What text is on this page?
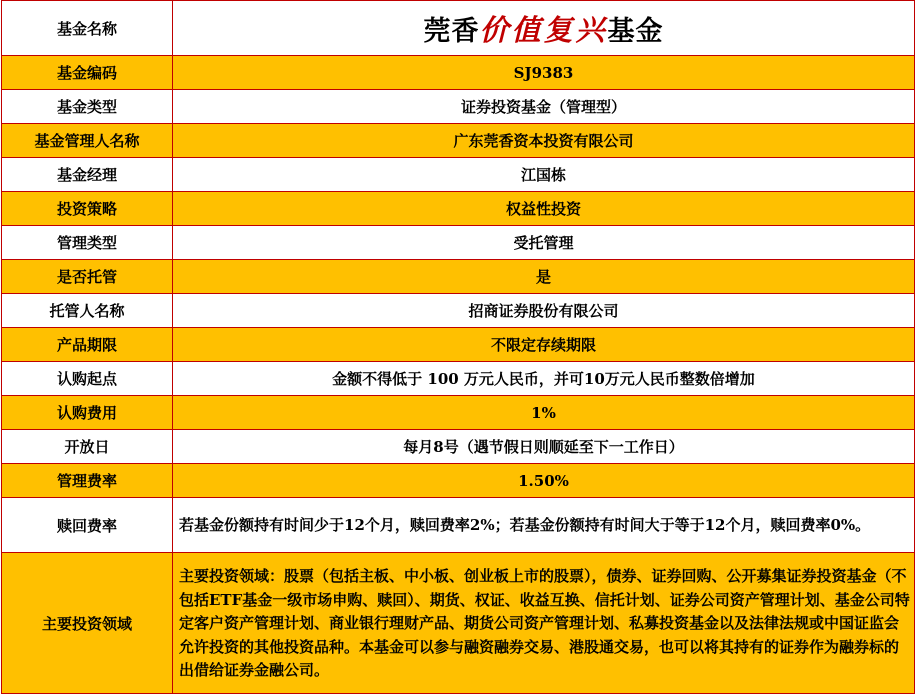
基金名称	莞香价值复兴基金
基金编码	SJ9383
基金类型	证券投资基金（管理型）
基金管理人名称	广东莞香资本投资有限公司
基金经理	江国栋
投资策略	权益性投资
管理类型	受托管理
是否托管	是
托管人名称	招商证券股份有限公司
产品期限	不限定存续期限
认购起点	金额不得低于 100 万元人民币，并可10万元人民币整数倍增加
认购费用	1%
开放日	每月8号（遇节假日则顺延至下一工作日）
管理费率	1.50%
赎回费率	若基金份额持有时间少于12个月，赎回费率2%；若基金份额持有时间大于等于12个月，赎回费率0%。
主要投资领域	主要投资领域：股票（包括主板、中小板、创业板上市的股票），债券、证券回购、公开募集证券投资基金（不包括ETF基金一级市场申购、赎回）、期货、权证、收益互换、信托计划、证券公司资产管理计划、基金公司特定客户资产管理计划、商业银行理财产品、期货公司资产管理计划、私募投资基金以及法律法规或中国证监会允许投资的其他投资品种。本基金可以参与融资融券交易、港股通交易，也可以将其持有的证券作为融券标的出借给证券金融公司。
